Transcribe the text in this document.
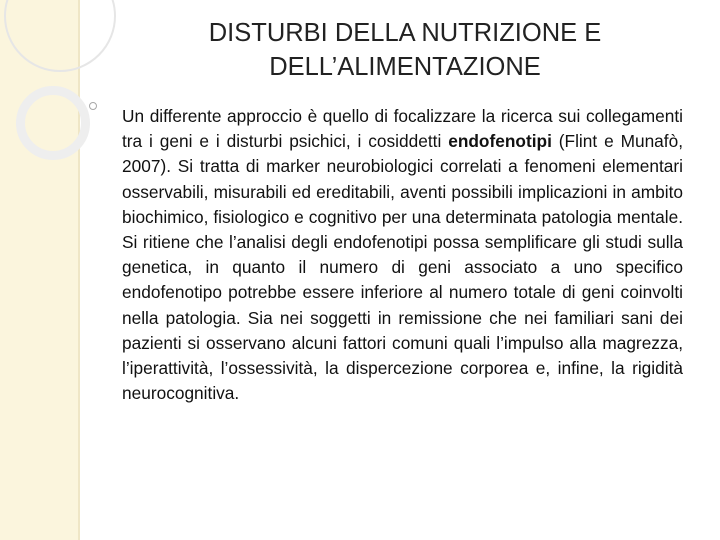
DISTURBI DELLA NUTRIZIONE E
DELL’ALIMENTAZIONE

Un differente approccio è quello di focalizzare la ricerca sui collegamenti tra i geni e i disturbi psichici, i cosiddetti endofenotipi (Flint e Munafò, 2007). Si tratta di marker neurobiologici correlati a fenomeni elementari osservabili, misurabili ed ereditabili, aventi possibili implicazioni in ambito biochimico, fisiologico e cognitivo per una determinata patologia mentale. Si ritiene che l’analisi degli endofenotipi possa semplificare gli studi sulla genetica, in quanto il numero di geni associato a uno specifico endofenotipo potrebbe essere inferiore al numero totale di geni coinvolti nella patologia. Sia nei soggetti in remissione che nei familiari sani dei pazienti si osservano alcuni fattori comuni quali l’impulso alla magrezza, l’iperattività, l’ossessività, la dispercezione corporea e, infine, la rigidità neurocognitiva.
